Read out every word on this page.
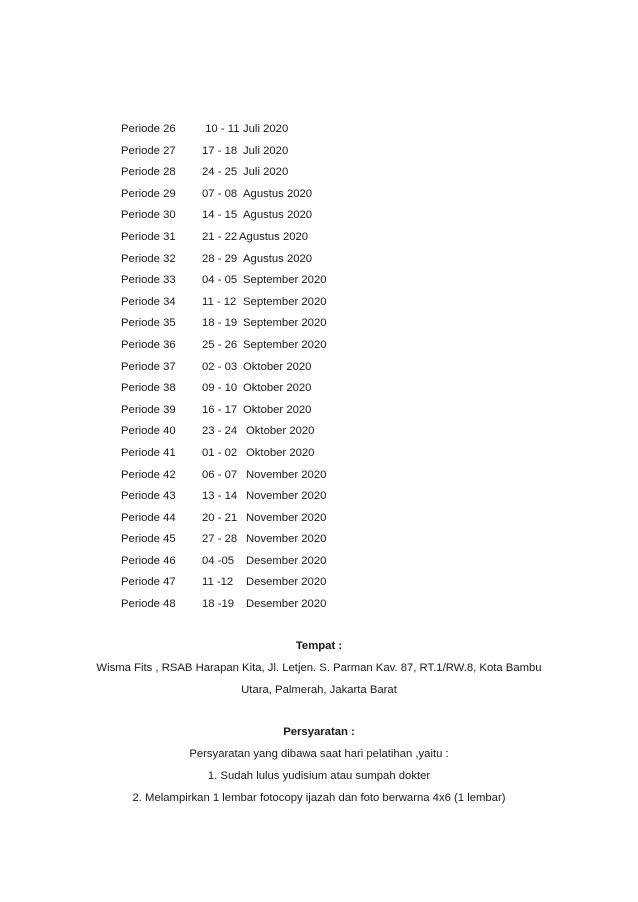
Periode 26 10 - 11 Juli 2020
Periode 27 17 - 18 Juli 2020
Periode 28 24 - 25 Juli 2020
Periode 29 07 - 08 Agustus 2020
Periode 30 14 - 15 Agustus 2020
Periode 31 21 - 22 Agustus 2020
Periode 32 28 - 29 Agustus 2020
Periode 33 04 - 05 September 2020
Periode 34 11 - 12 September 2020
Periode 35 18 - 19 September 2020
Periode 36 25 - 26 September 2020
Periode 37 02 - 03 Oktober 2020
Periode 38 09 - 10 Oktober 2020
Periode 39 16 - 17 Oktober 2020
Periode 40 23 - 24 Oktober 2020
Periode 41 01 - 02 Oktober 2020
Periode 42 06 - 07 November 2020
Periode 43 13 - 14 November 2020
Periode 44 20 - 21 November 2020
Periode 45 27 - 28 November 2020
Periode 46 04 -05 Desember 2020
Periode 47 11 -12 Desember 2020
Periode 48 18 -19 Desember 2020
Tempat :
Wisma Fits , RSAB Harapan Kita, Jl. Letjen. S. Parman Kav. 87, RT.1/RW.8, Kota Bambu
Utara, Palmerah, Jakarta Barat
Persyaratan :
Persyaratan yang dibawa saat hari pelatihan ,yaitu :
1. Sudah lulus yudisium atau sumpah dokter
2. Melampirkan 1 lembar fotocopy ijazah dan foto berwarna 4x6 (1 lembar)
